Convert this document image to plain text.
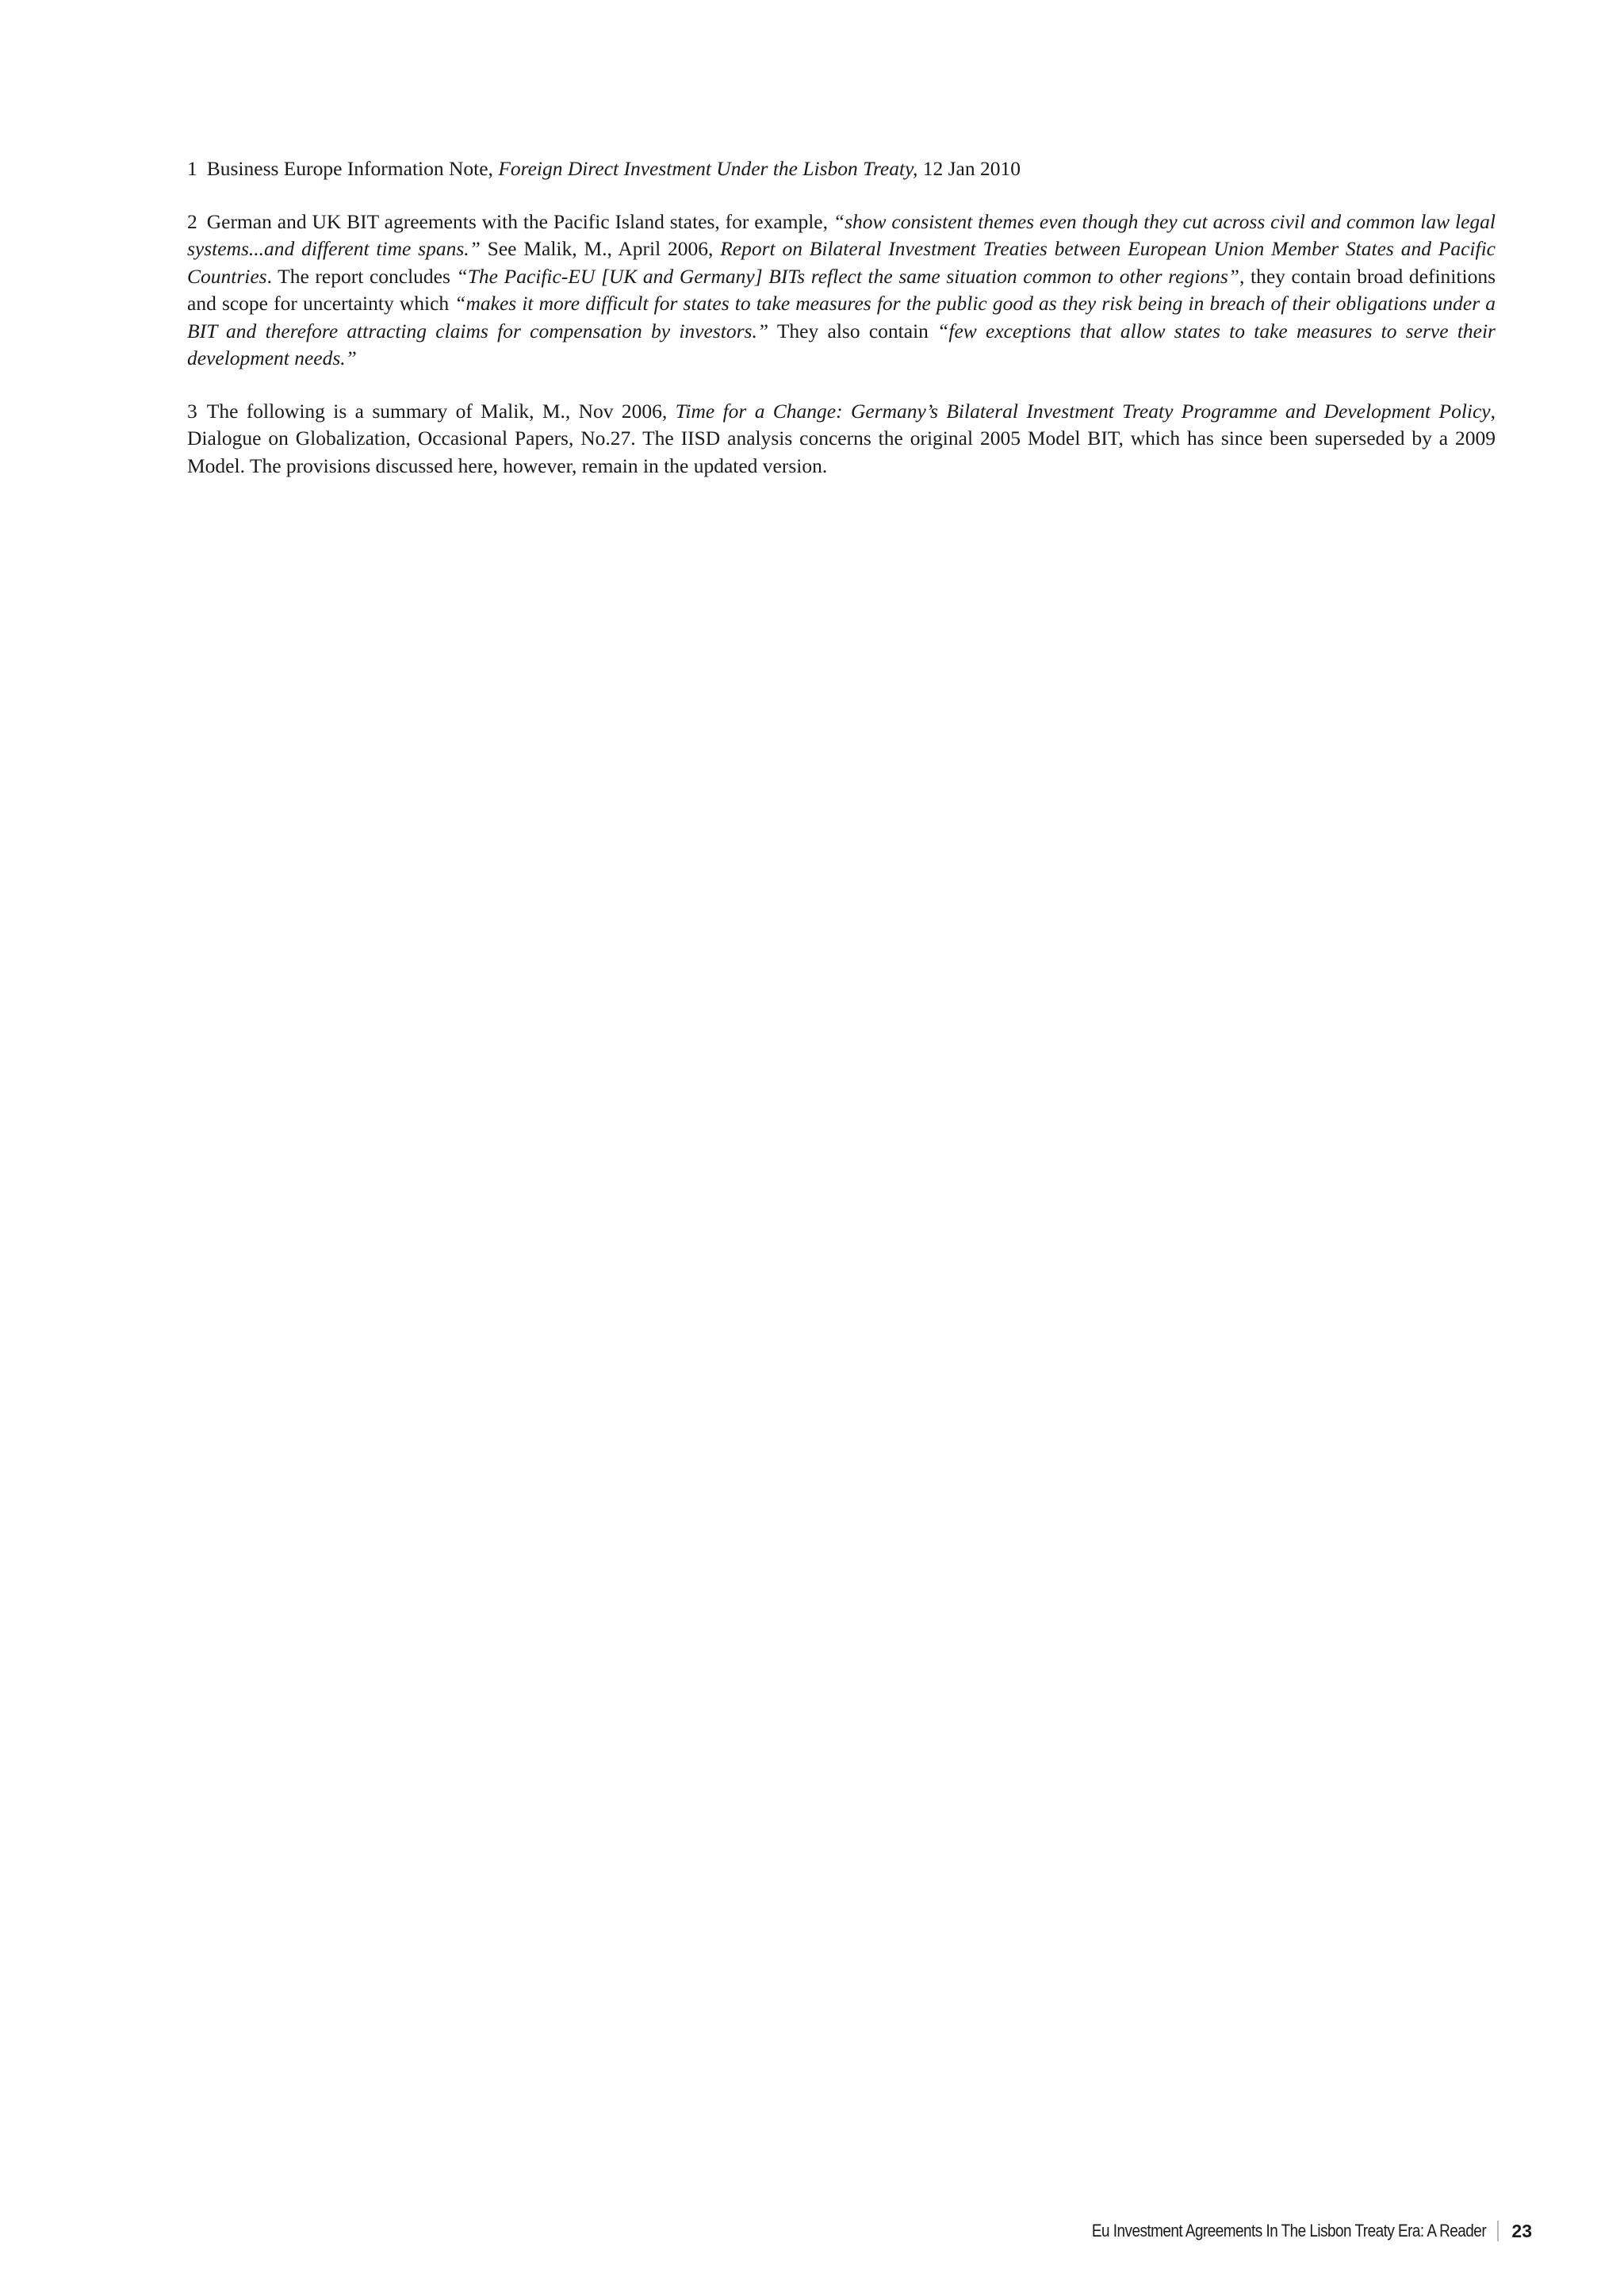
1 Business Europe Information Note, Foreign Direct Investment Under the Lisbon Treaty, 12 Jan 2010

2 German and UK BIT agreements with the Pacific Island states, for example, “show consistent themes even though they cut across civil and common law legal systems...and different time spans.” See Malik, M., April 2006, Report on Bilateral Investment Treaties between European Union Member States and Pacific Countries. The report concludes “The Pacific-EU [UK and Germany] BITs reflect the same situation common to other regions”, they contain broad definitions and scope for uncertainty which “makes it more difficult for states to take measures for the public good as they risk being in breach of their obligations under a BIT and therefore attracting claims for compensation by investors.” They also contain “few exceptions that allow states to take measures to serve their development needs.”

3 The following is a summary of Malik, M., Nov 2006, Time for a Change: Germany’s Bilateral Investment Treaty Programme and Development Policy, Dialogue on Globalization, Occasional Papers, No.27. The IISD analysis concerns the original 2005 Model BIT, which has since been superseded by a 2009 Model. The provisions discussed here, however, remain in the updated version.

Eu Investment Agreements In The Lisbon Treaty Era: A Reader 23
